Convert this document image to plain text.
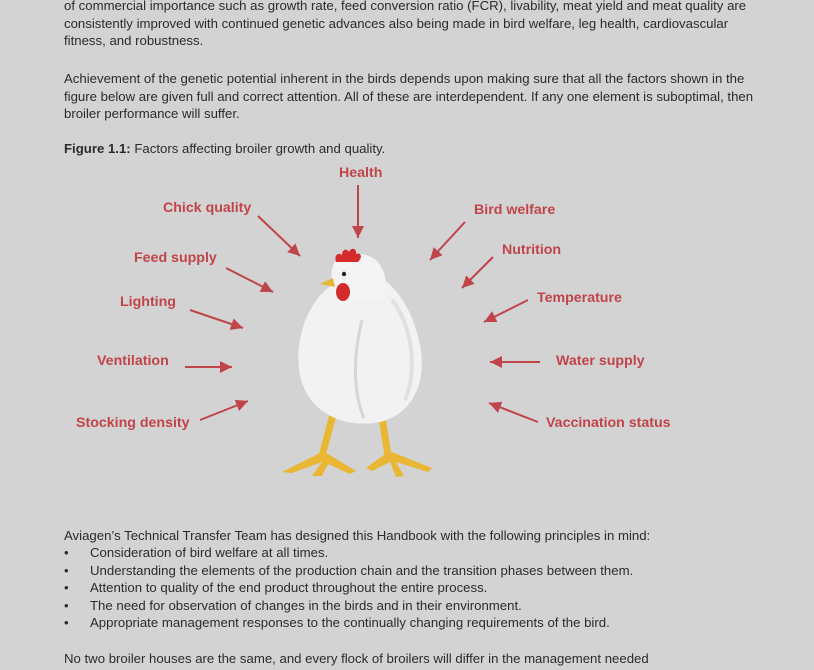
of commercial importance such as growth rate, feed conversion ratio (FCR), livability, meat yield and meat quality are consistently improved with continued genetic advances also being made in bird welfare, leg health, cardiovascular fitness, and robustness.

Achievement of the genetic potential inherent in the birds depends upon making sure that all the factors shown in the figure below are given full and correct attention. All of these are interdependent. If any one element is suboptimal, then broiler performance will suffer.

Figure 1.1: Factors affecting broiler growth and quality.

Health
Chick quality	Bird welfare
Feed supply	Nutrition
Lighting	Temperature
Ventilation	Water supply
Stocking density	Vaccination status

Aviagen’s Technical Transfer Team has designed this Handbook with the following principles in mind:

• Consideration of bird welfare at all times.
• Understanding the elements of the production chain and the transition phases between them.
• Attention to quality of the end product throughout the entire process.
• The need for observation of changes in the birds and in their environment.
• Appropriate management responses to the continually changing requirements of the bird.

No two broiler houses are the same, and every flock of broilers will differ in the management needed
